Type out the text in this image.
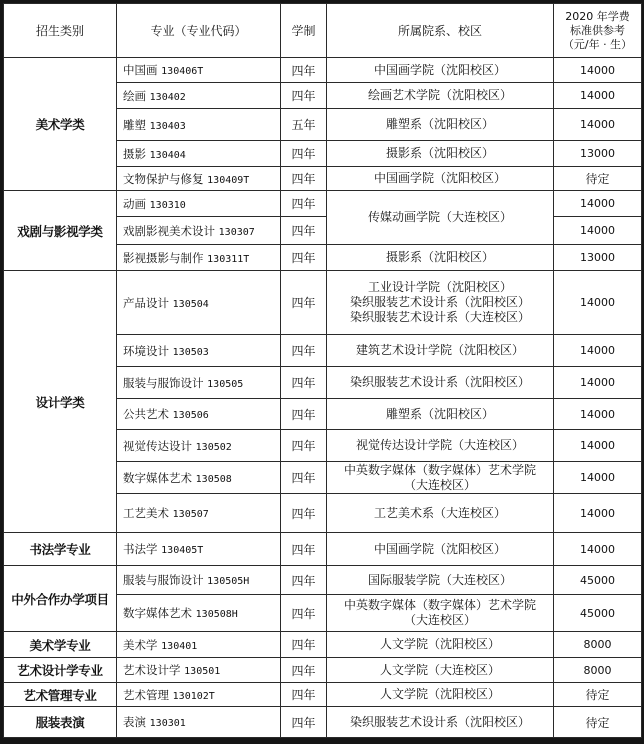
招生类别	专业（专业代码）	学制	所属院系、校区	2020 年学费
标准供参考
（元/年 · 生）

美术学类	中国画 130406T	四年	中国画学院（沈阳校区）	14000
	绘画 130402	四年	绘画艺术学院（沈阳校区）	14000
	雕塑 130403	五年	雕塑系（沈阳校区）	14000
	摄影 130404	四年	摄影系（沈阳校区）	13000
	文物保护与修复 130409T	四年	中国画学院（沈阳校区）	待定
戏剧与影视学类	动画 130310	四年	传媒动画学院（大连校区）	14000
	戏剧影视美术设计 130307	四年		14000
	影视摄影与制作 130311T	四年	摄影系（沈阳校区）	13000
设计学类	产品设计 130504	四年	工业设计学院（沈阳校区）
染织服装艺术设计系（沈阳校区）
染织服装艺术设计系（大连校区）	14000
	环境设计 130503	四年	建筑艺术设计学院（沈阳校区）	14000
	服装与服饰设计 130505	四年	染织服装艺术设计系（沈阳校区）	14000
	公共艺术 130506	四年	雕塑系（沈阳校区）	14000
	视觉传达设计 130502	四年	视觉传达设计学院（大连校区）	14000
	数字媒体艺术 130508	四年	中英数字媒体（数字媒体）艺术学院
（大连校区）	14000
	工艺美术 130507	四年	工艺美术系（大连校区）	14000
书法学专业	书法学 130405T	四年	中国画学院（沈阳校区）	14000
中外合作办学项目	服装与服饰设计 130505H	四年	国际服装学院（大连校区）	45000
	数字媒体艺术 130508H	四年	中英数字媒体（数字媒体）艺术学院
（大连校区）	45000
美术学专业	美术学 130401	四年	人文学院（沈阳校区）	8000
艺术设计学专业	艺术设计学 130501	四年	人文学院（大连校区）	8000
艺术管理专业	艺术管理 130102T	四年	人文学院（沈阳校区）	待定
服装表演	表演 130301	四年	染织服装艺术设计系（沈阳校区）	待定
